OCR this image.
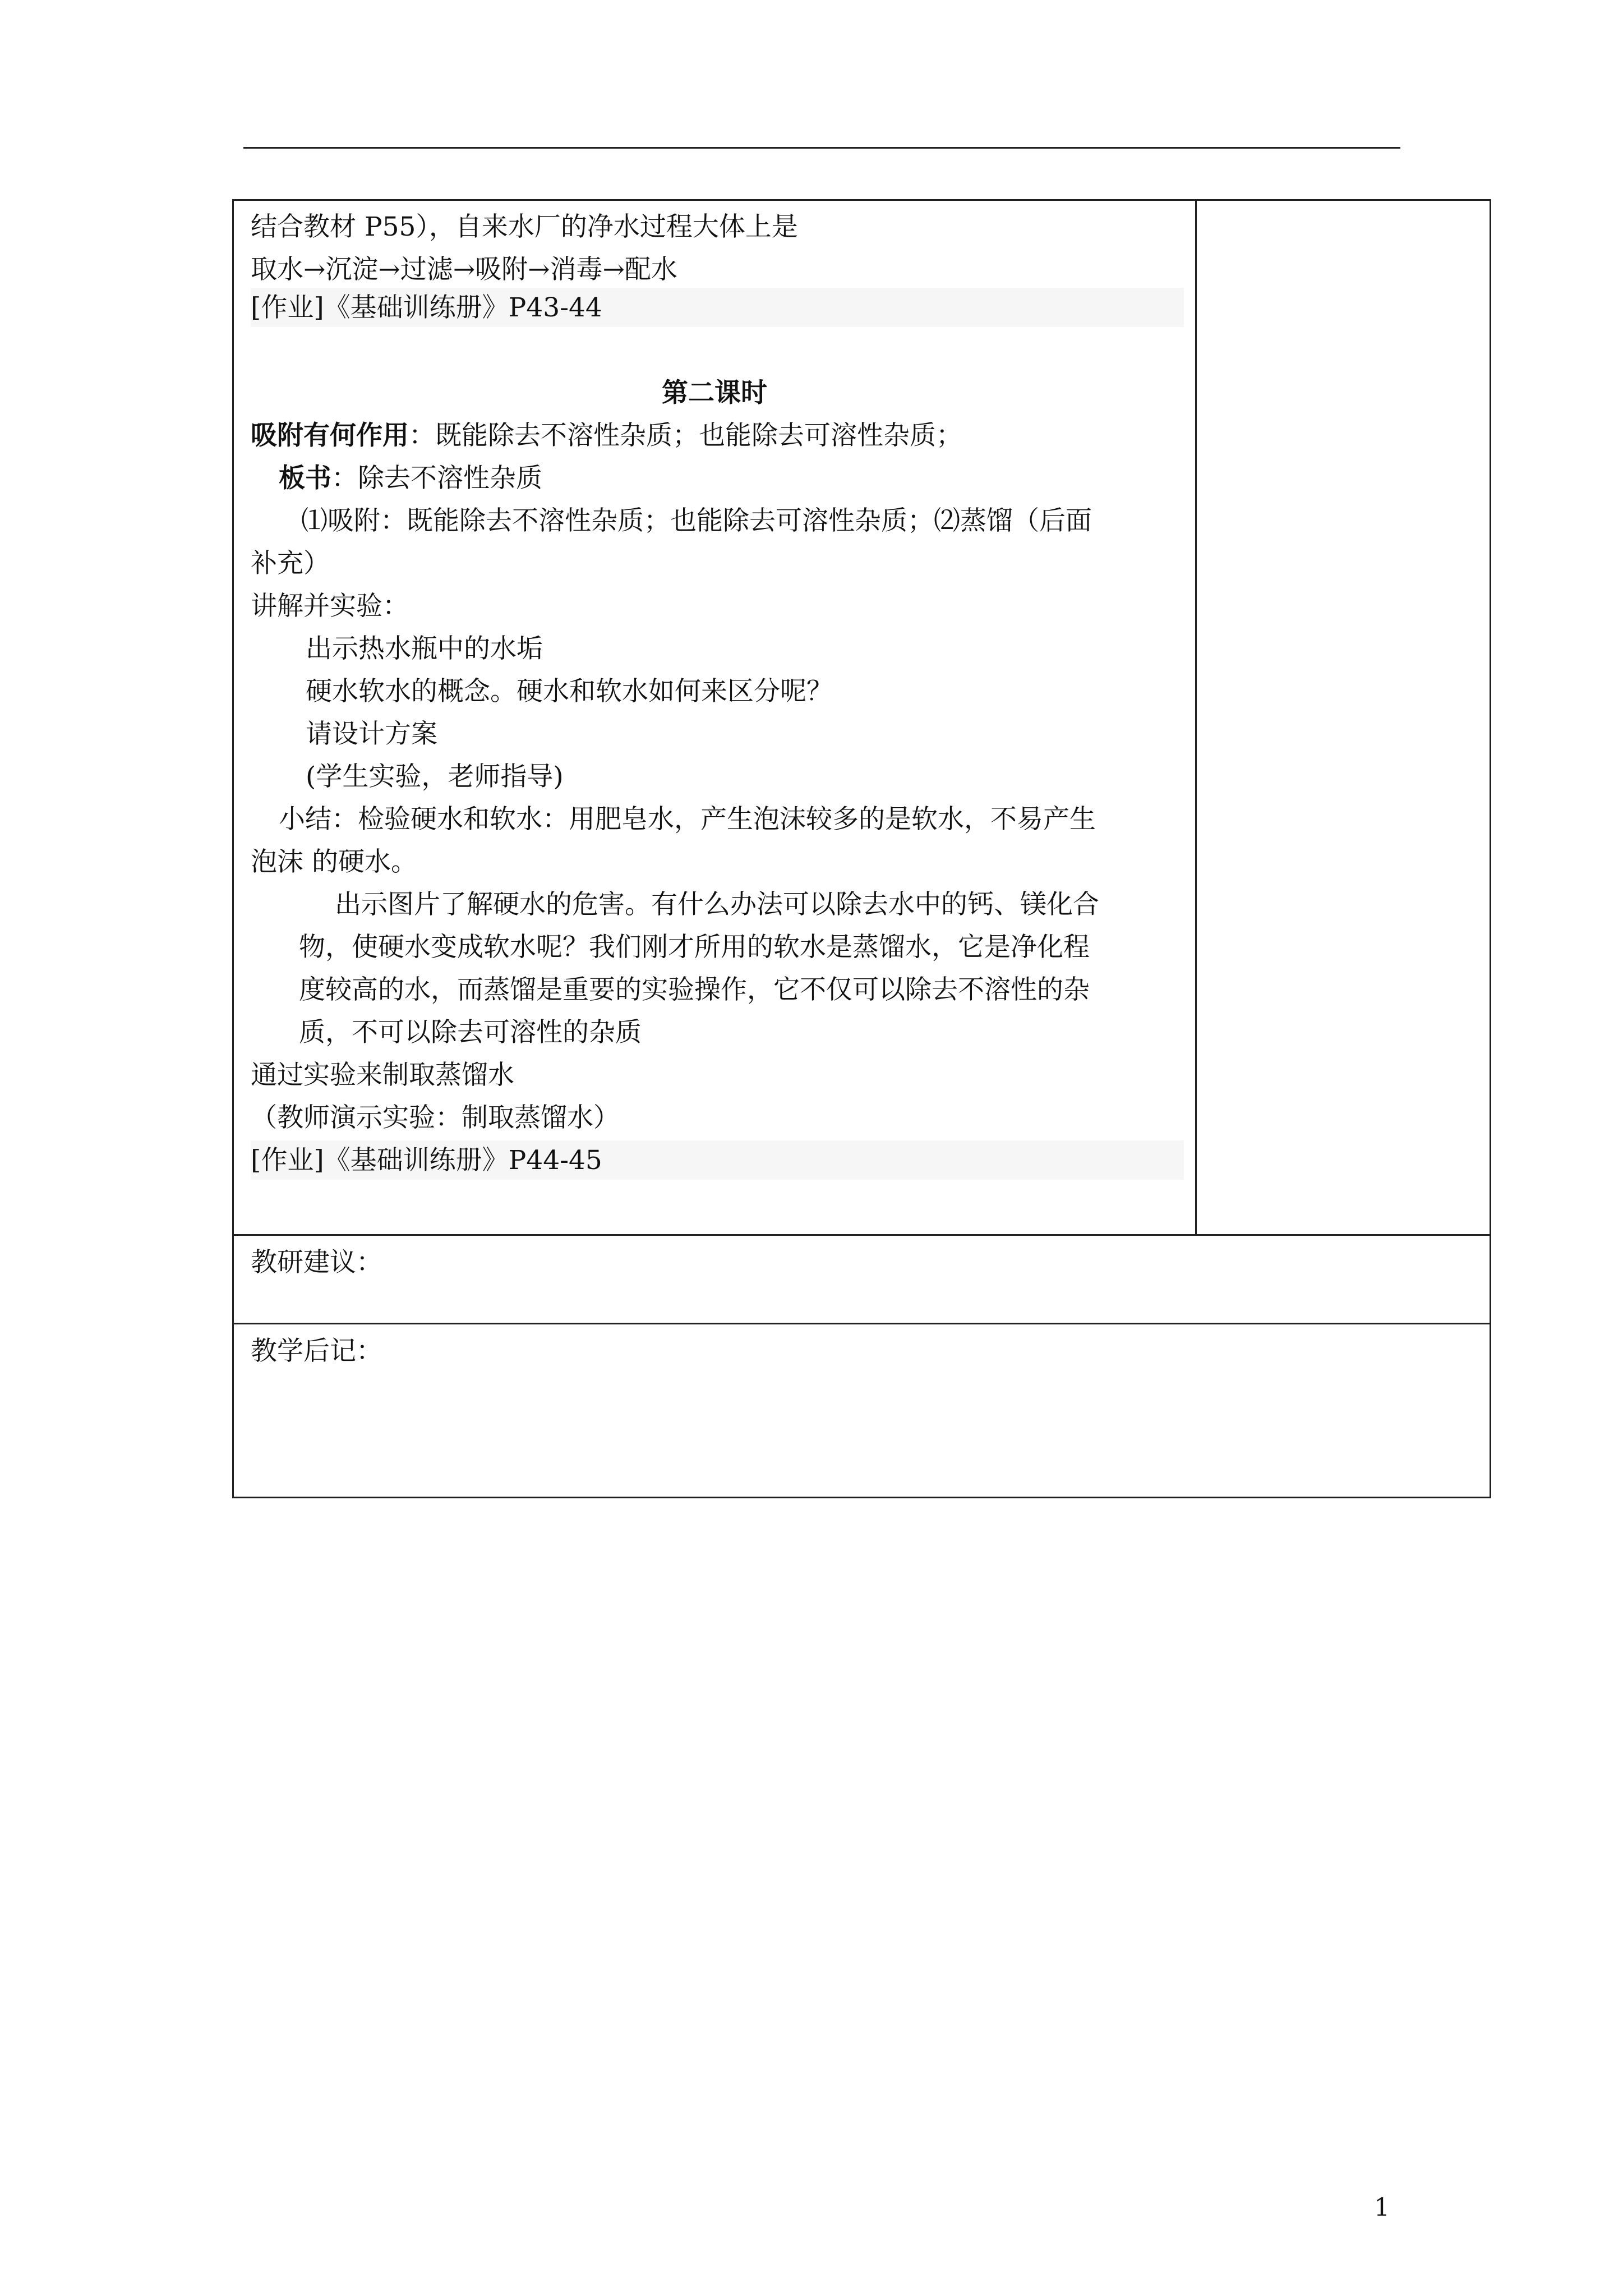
结合教材 P55），自来水厂的净水过程大体上是
取水→沉淀→过滤→吸附→消毒→配水
[作业]《基础训练册》P43-44
第二课时
吸附有何作用：既能除去不溶性杂质；也能除去可溶性杂质；
板书：除去不溶性杂质
⑴吸附：既能除去不溶性杂质；也能除去可溶性杂质；⑵蒸馏（后面
补充）
讲解并实验：
出示热水瓶中的水垢
硬水软水的概念。硬水和软水如何来区分呢？
请设计方案
(学生实验，老师指导)
小结：检验硬水和软水：用肥皂水，产生泡沫较多的是软水，不易产生
泡沫 的硬水。
出示图片了解硬水的危害。有什么办法可以除去水中的钙、镁化合
物，使硬水变成软水呢？我们刚才所用的软水是蒸馏水，它是净化程
度较高的水，而蒸馏是重要的实验操作，它不仅可以除去不溶性的杂
质，不可以除去可溶性的杂质
通过实验来制取蒸馏水
（教师演示实验：制取蒸馏水）
[作业]《基础训练册》P44-45
教研建议：
教学后记：
1
